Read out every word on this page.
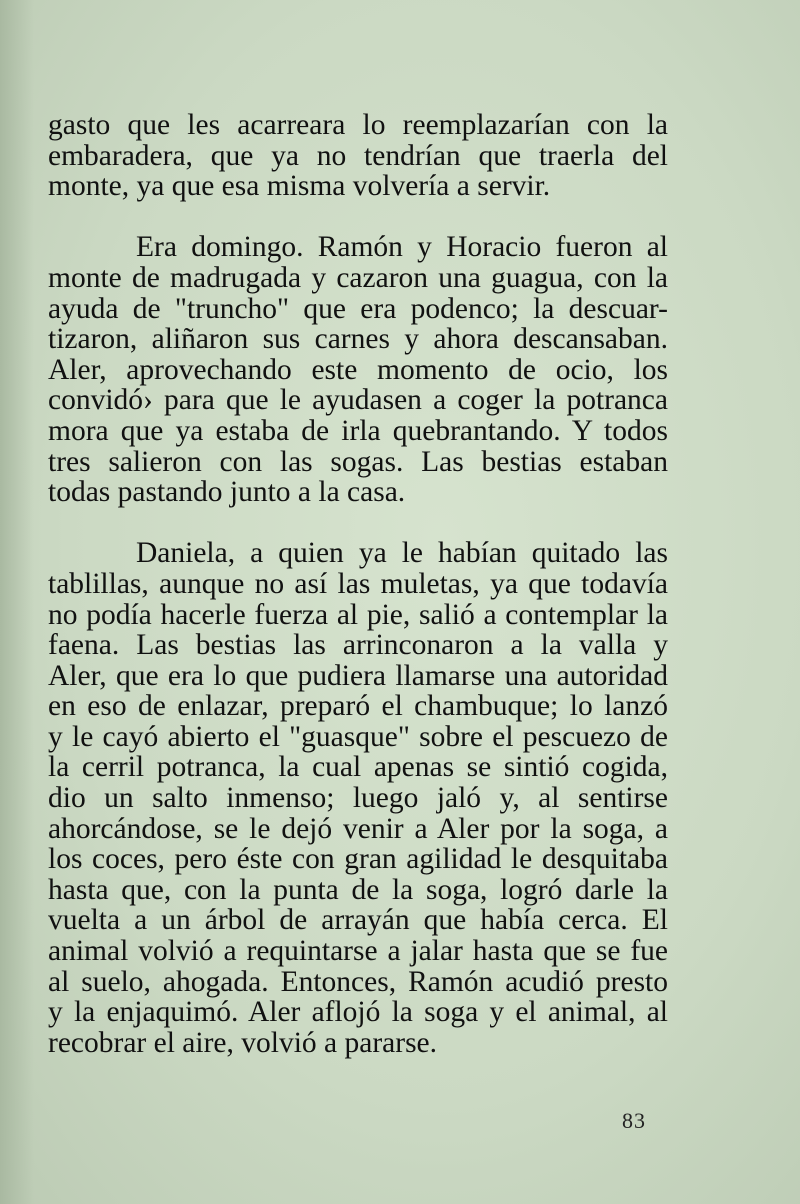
gasto que les acarreara lo reemplazarían con la
embaradera, que ya no tendrían que traerla del
monte, ya que esa misma volvería a servir.

Era domingo. Ramón y Horacio fueron al
monte de madrugada y cazaron una guagua, con la
ayuda de "truncho" que era podenco; la descuar-
tizaron, aliñaron sus carnes y ahora descansaban.
Aler, aprovechando este momento de ocio, los
convidó› para que le ayudasen a coger la potranca
mora que ya estaba de irla quebrantando. Y todos
tres salieron con las sogas. Las bestias estaban
todas pastando junto a la casa.

Daniela, a quien ya le habían quitado las
tablillas, aunque no así las muletas, ya que todavía
no podía hacerle fuerza al pie, salió a contemplar la
faena. Las bestias las arrinconaron a la valla y
Aler, que era lo que pudiera llamarse una autoridad
en eso de enlazar, preparó el chambuque; lo lanzó
y le cayó abierto el "guasque" sobre el pescuezo de
la cerril potranca, la cual apenas se sintió cogida,
dio un salto inmenso; luego jaló y, al sentirse
ahorcándose, se le dejó venir a Aler por la soga, a
los coces, pero éste con gran agilidad le desquitaba
hasta que, con la punta de la soga, logró darle la
vuelta a un árbol de arrayán que había cerca. El
animal volvió a requintarse a jalar hasta que se fue
al suelo, ahogada. Entonces, Ramón acudió presto
y la enjaquimó. Aler aflojó la soga y el animal, al
recobrar el aire, volvió a pararse.

83
